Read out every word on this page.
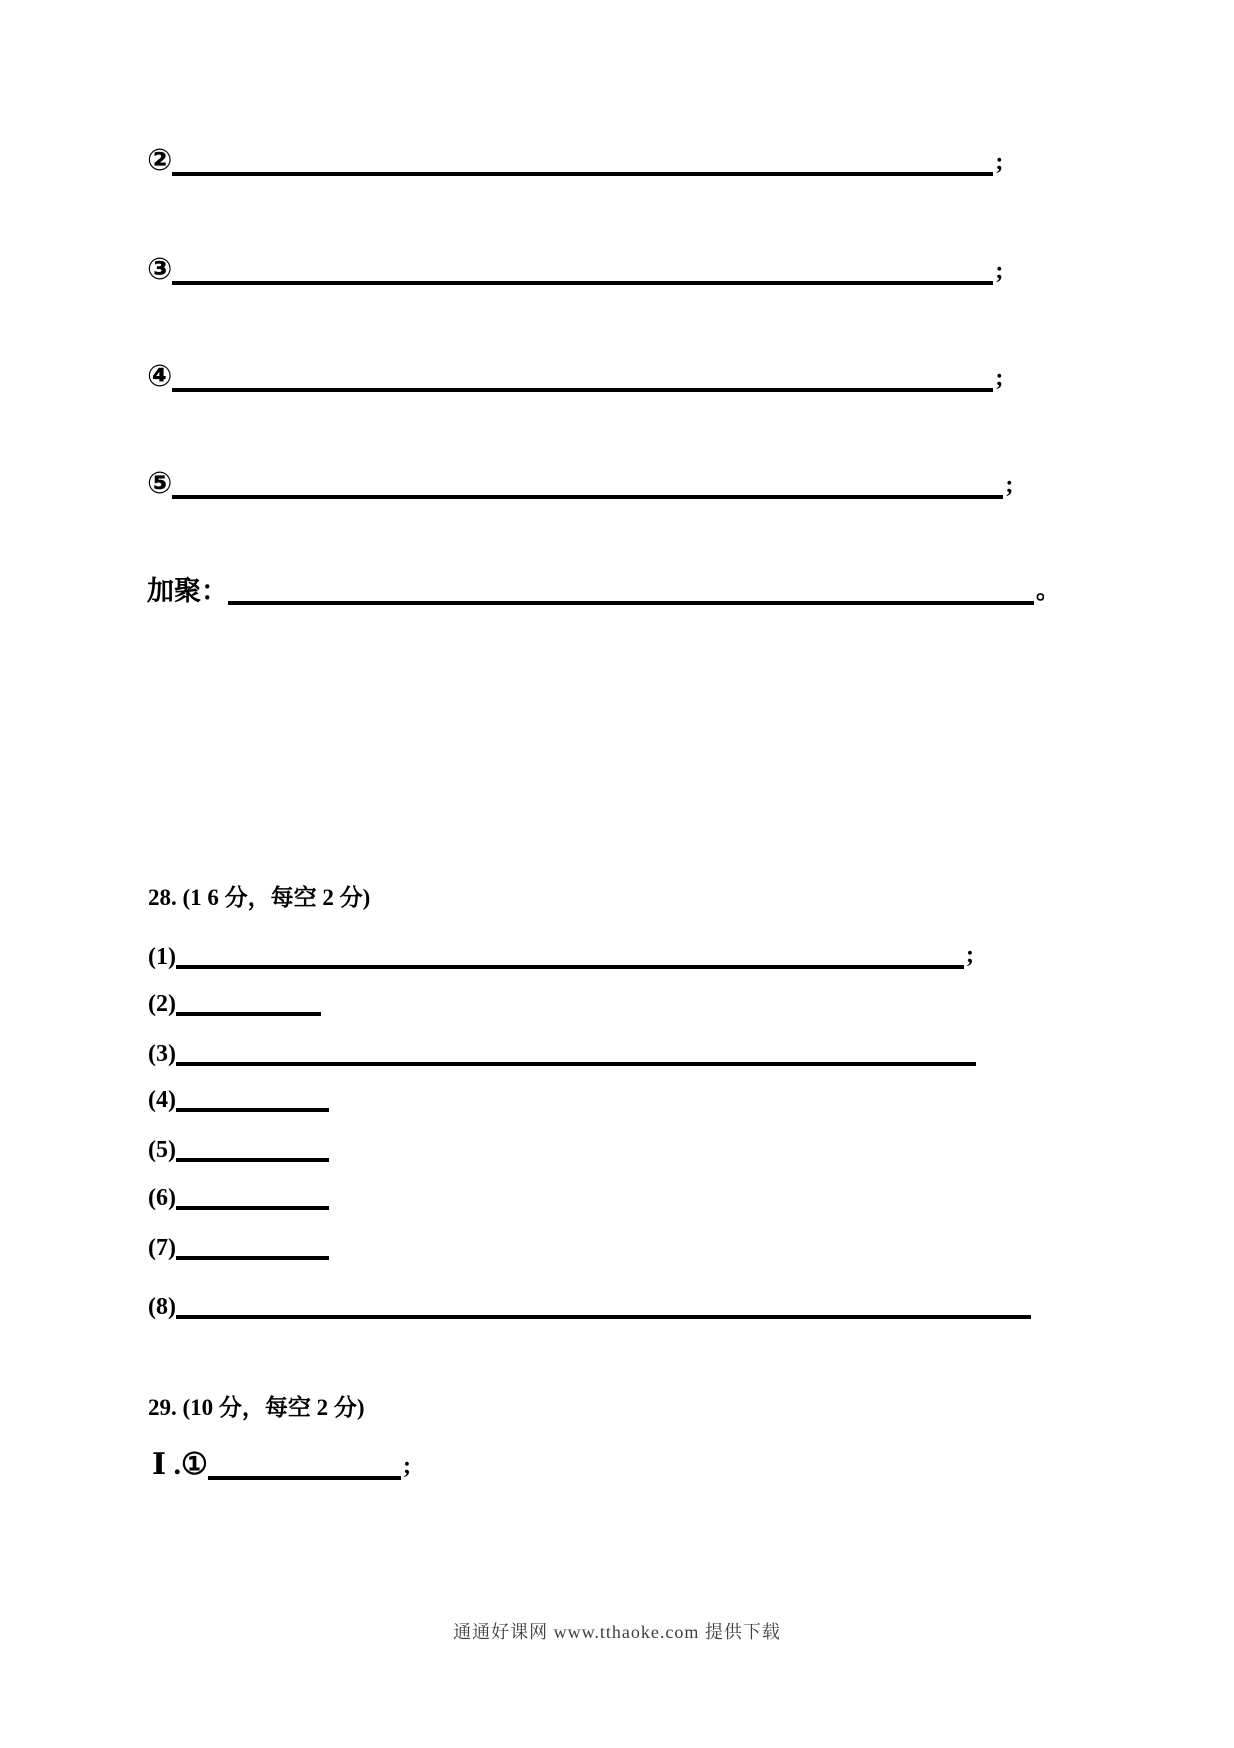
②	;
③	;
④	;
⑤	;
加聚：	。
28. (1 6 分，每空 2 分)
(1)	;
(2)
(3)
(4)
(5)
(6)
(7)
(8)
29. (10 分，每空 2 分)
Ⅰ .①	;
通通好课网 www.tthaoke.com 提供下载
